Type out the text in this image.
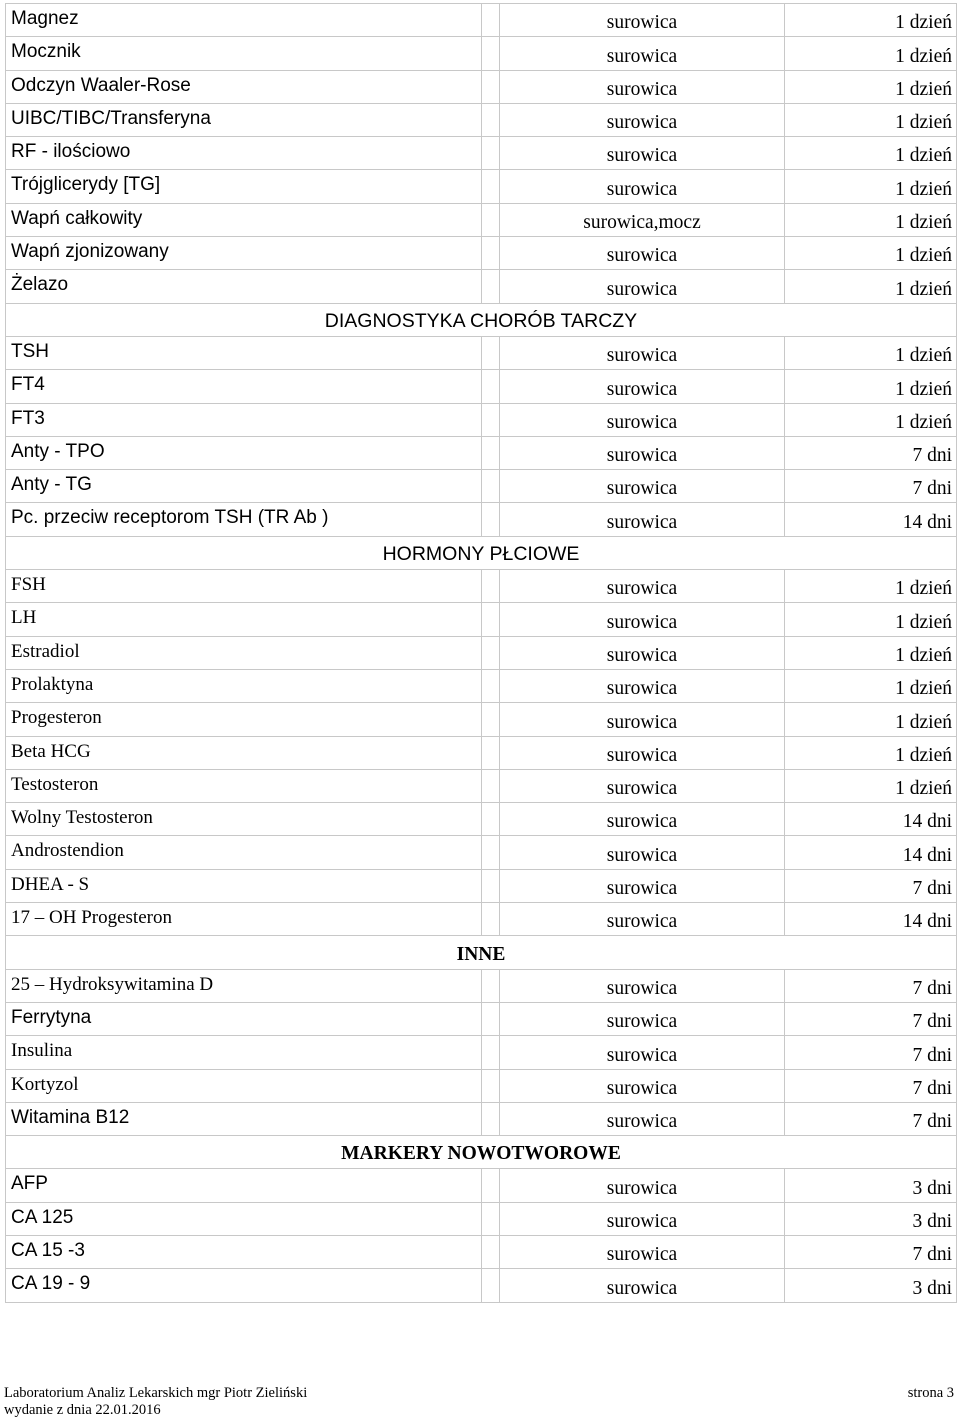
Magnez		surowica	1 dzień
Mocznik		surowica	1 dzień
Odczyn Waaler-Rose		surowica	1 dzień
UIBC/TIBC/Transferyna		surowica	1 dzień
RF - ilościowo		surowica	1 dzień
Trójglicerydy [TG]		surowica	1 dzień
Wapń całkowity		surowica,mocz	1 dzień
Wapń zjonizowany		surowica	1 dzień
Żelazo		surowica	1 dzień
DIAGNOSTYKA CHORÓB TARCZY			
TSH		surowica	1 dzień
FT4		surowica	1 dzień
FT3		surowica	1 dzień
Anty - TPO		surowica	7 dni
Anty - TG		surowica	7 dni
Pc. przeciw receptorom TSH (TR Ab )		surowica	14 dni
HORMONY PŁCIOWE			
FSH		surowica	1 dzień
LH		surowica	1 dzień
Estradiol		surowica	1 dzień
Prolaktyna		surowica	1 dzień
Progesteron		surowica	1 dzień
Beta HCG		surowica	1 dzień
Testosteron		surowica	1 dzień
Wolny Testosteron		surowica	14 dni
Androstendion		surowica	14 dni
DHEA - S		surowica	7 dni
17 – OH Progesteron		surowica	14 dni
INNE			
25 – Hydroksywitamina D		surowica	7 dni
Ferrytyna		surowica	7 dni
Insulina		surowica	7 dni
Kortyzol		surowica	7 dni
Witamina B12		surowica	7 dni
MARKERY NOWOTWOROWE			
AFP		surowica	3 dni
CA 125		surowica	3 dni
CA 15 -3		surowica	7 dni
CA 19 - 9		surowica	3 dni
Laboratorium Analiz Lekarskich mgr Piotr Zieliński
wydanie z dnia 22.01.2016
strona 3
